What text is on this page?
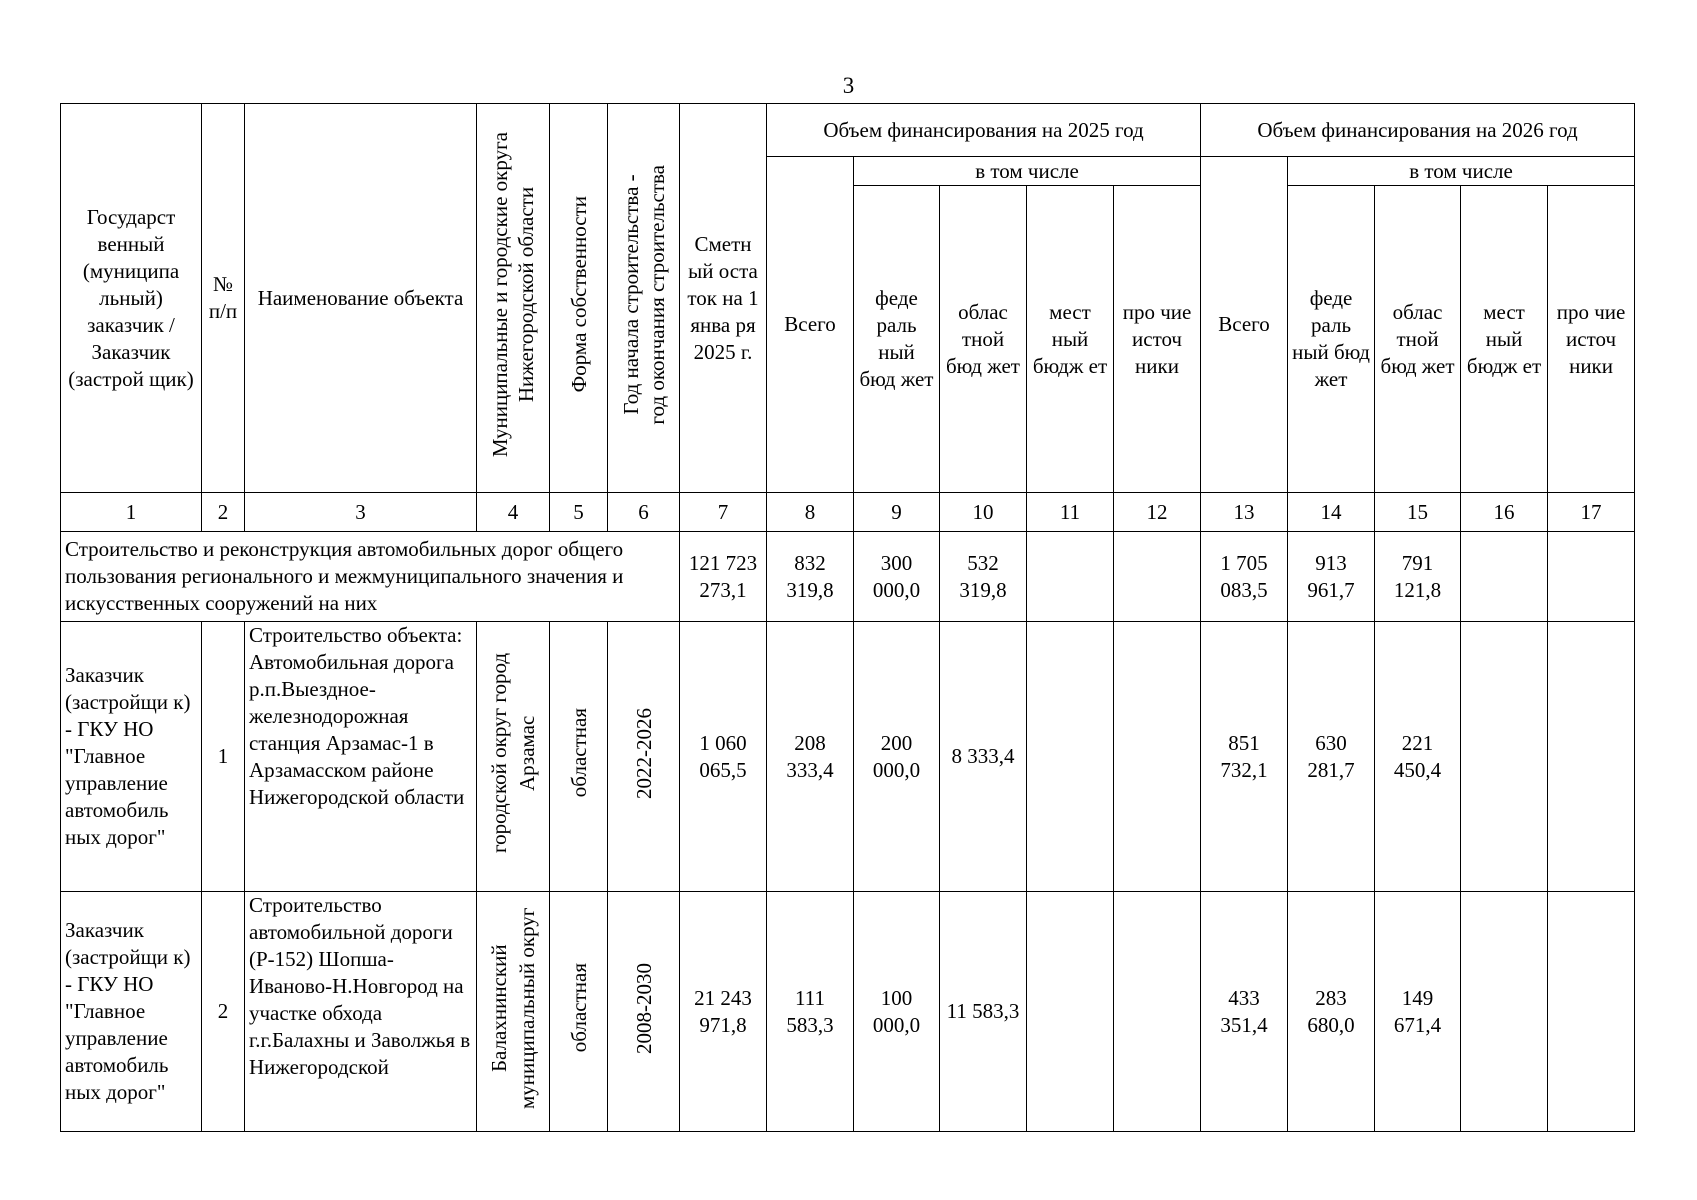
3
Государст венный (муниципа льный) заказчик / Заказчик (застрой щик)	№ п/п	Наименование объекта	Муниципальные и городские округа Нижегородской области	Форма собственности	Год начала строительства - год окончания строительства	Сметн ый оста ток на 1 янва ря 2025 г.	Объем финансирования на 2025 год					Объем финансирования на 2026 год				
							Всего	в том числе				Всего	в том числе			
								феде раль ный бюд жет	облас тной бюд жет	мест ный бюдж ет	про чие источ ники		феде раль ный бюд жет	облас тной бюд жет	мест ный бюдж ет	про чие источ ники
1	2	3	4	5	6	7	8	9	10	11	12	13	14	15	16	17
Строительство и реконструкция автомобильных дорог общего пользования регионального и межмуниципального значения и искусственных сооружений на них						121 723 273,1	832 319,8	300 000,0	532 319,8			1 705 083,5	913 961,7	791 121,8		
Заказчик (застройщи к) - ГКУ НО "Главное управление автомобиль ных дорог"	1	Строительство объекта: Автомобильная дорога р.п.Выездное-железнодорожная станция Арзамас-1 в Арзамасском районе Нижегородской области	городской округ город Арзамас	областная	2022-2026	1 060 065,5	208 333,4	200 000,0	8 333,4			851 732,1	630 281,7	221 450,4		
Заказчик (застройщи к) - ГКУ НО "Главное управление автомобиль ных дорог"	2	Строительство автомобильной дороги (Р-152) Шопша-Иваново-Н.Новгород на участке обхода г.г.Балахны и Заволжья в Нижегородской	Балахнинский муниципальный округ	областная	2008-2030	21 243 971,8	111 583,3	100 000,0	11 583,3			433 351,4	283 680,0	149 671,4		
